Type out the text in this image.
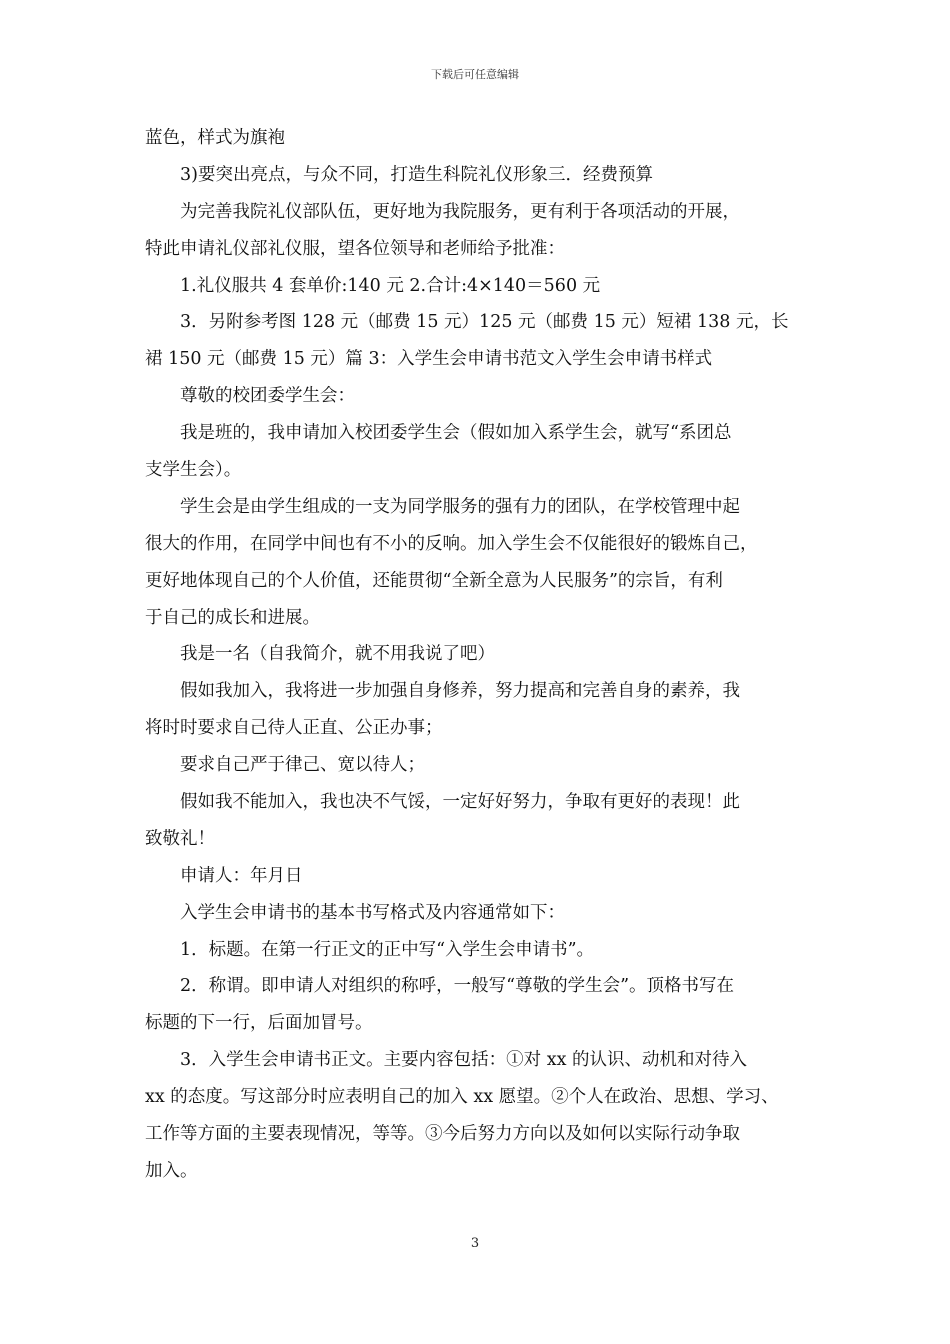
下载后可任意编辑
蓝色，样式为旗袍
3)要突出亮点，与众不同，打造生科院礼仪形象三．经费预算
为完善我院礼仪部队伍，更好地为我院服务，更有利于各项活动的开展，
特此申请礼仪部礼仪服，望各位领导和老师给予批准：
1.礼仪服共 4 套单价:140 元 2.合计:4×140＝560 元
3．另附参考图 128 元（邮费 15 元）125 元（邮费 15 元）短裙 138 元，长
裙 150 元（邮费 15 元）篇 3：入学生会申请书范文入学生会申请书样式
尊敬的校团委学生会：
我是班的，我申请加入校团委学生会（假如加入系学生会，就写“系团总
支学生会）。
学生会是由学生组成的一支为同学服务的强有力的团队，在学校管理中起
很大的作用，在同学中间也有不小的反响。加入学生会不仅能很好的锻炼自己，
更好地体现自己的个人价值，还能贯彻“全新全意为人民服务”的宗旨，有利
于自己的成长和进展。
我是一名（自我简介，就不用我说了吧）
假如我加入，我将进一步加强自身修养，努力提高和完善自身的素养，我
将时时要求自己待人正直、公正办事；
要求自己严于律己、宽以待人；
假如我不能加入，我也决不气馁，一定好好努力，争取有更好的表现！此
致敬礼！
申请人：年月日
入学生会申请书的基本书写格式及内容通常如下：
1．标题。在第一行正文的正中写“入学生会申请书”。
2．称谓。即申请人对组织的称呼，一般写“尊敬的学生会”。顶格书写在
标题的下一行，后面加冒号。
3．入学生会申请书正文。主要内容包括：①对 xx 的认识、动机和对待入
xx 的态度。写这部分时应表明自己的加入 xx 愿望。②个人在政治、思想、学习、
工作等方面的主要表现情况，等等。③今后努力方向以及如何以实际行动争取
加入。
3
